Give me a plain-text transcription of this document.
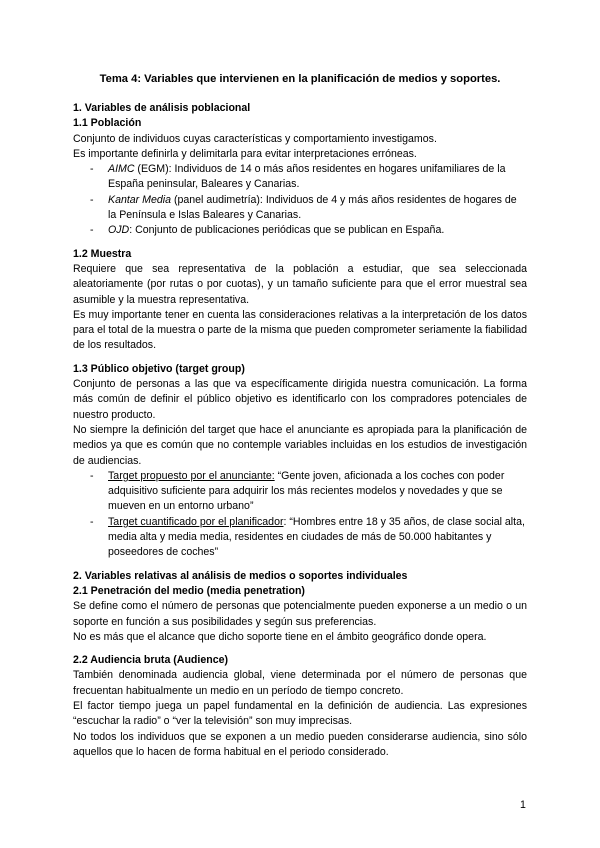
Tema 4: Variables que intervienen en la planificación de medios y soportes.
1. Variables de análisis poblacional
1.1 Población

Conjunto de individuos cuyas características y comportamiento investigamos.

Es importante definirla y delimitarla para evitar interpretaciones erróneas.

- AIMC (EGM): Individuos de 14 o más años residentes en hogares unifamiliares de la España peninsular, Baleares y Canarias.
- Kantar Media (panel audimetría): Individuos de 4 y más años residentes de hogares de la Península e Islas Baleares y Canarias.
- OJD: Conjunto de publicaciones periódicas que se publican en España.
1.2 Muestra

Requiere que sea representativa de la población a estudiar, que sea seleccionada aleatoriamente (por rutas o por cuotas), y un tamaño suficiente para que el error muestral sea asumible y la muestra representativa.

Es muy importante tener en cuenta las consideraciones relativas a la interpretación de los datos para el total de la muestra o parte de la misma que pueden comprometer seriamente la fiabilidad de los resultados.

1.3 Público objetivo (target group)

Conjunto de personas a las que va específicamente dirigida nuestra comunicación. La forma más común de definir el público objetivo es identificarlo con los compradores potenciales de nuestro producto.

No siempre la definición del target que hace el anunciante es apropiada para la planificación de medios ya que es común que no contemple variables incluidas en los estudios de investigación de audiencias.

- Target propuesto por el anunciante: “Gente joven, aficionada a los coches con poder adquisitivo suficiente para adquirir los más recientes modelos y novedades y que se mueven en un entorno urbano”
- Target cuantificado por el planificador: “Hombres entre 18 y 35 años, de clase social alta, media alta y media media, residentes en ciudades de más de 50.000 habitantes y poseedores de coches”
2. Variables relativas al análisis de medios o soportes individuales
2.1 Penetración del medio (media penetration)

Se define como el número de personas que potencialmente pueden exponerse a un medio o un soporte en función a sus posibilidades y según sus preferencias.

No es más que el alcance que dicho soporte tiene en el ámbito geográfico donde opera.

2.2 Audiencia bruta (Audience)

También denominada audiencia global, viene determinada por el número de personas que frecuentan habitualmente un medio en un período de tiempo concreto.

El factor tiempo juega un papel fundamental en la definición de audiencia. Las expresiones “escuchar la radio” o “ver la televisión” son muy imprecisas.

No todos los individuos que se exponen a un medio pueden considerarse audiencia, sino sólo aquellos que lo hacen de forma habitual en el periodo considerado.

1
